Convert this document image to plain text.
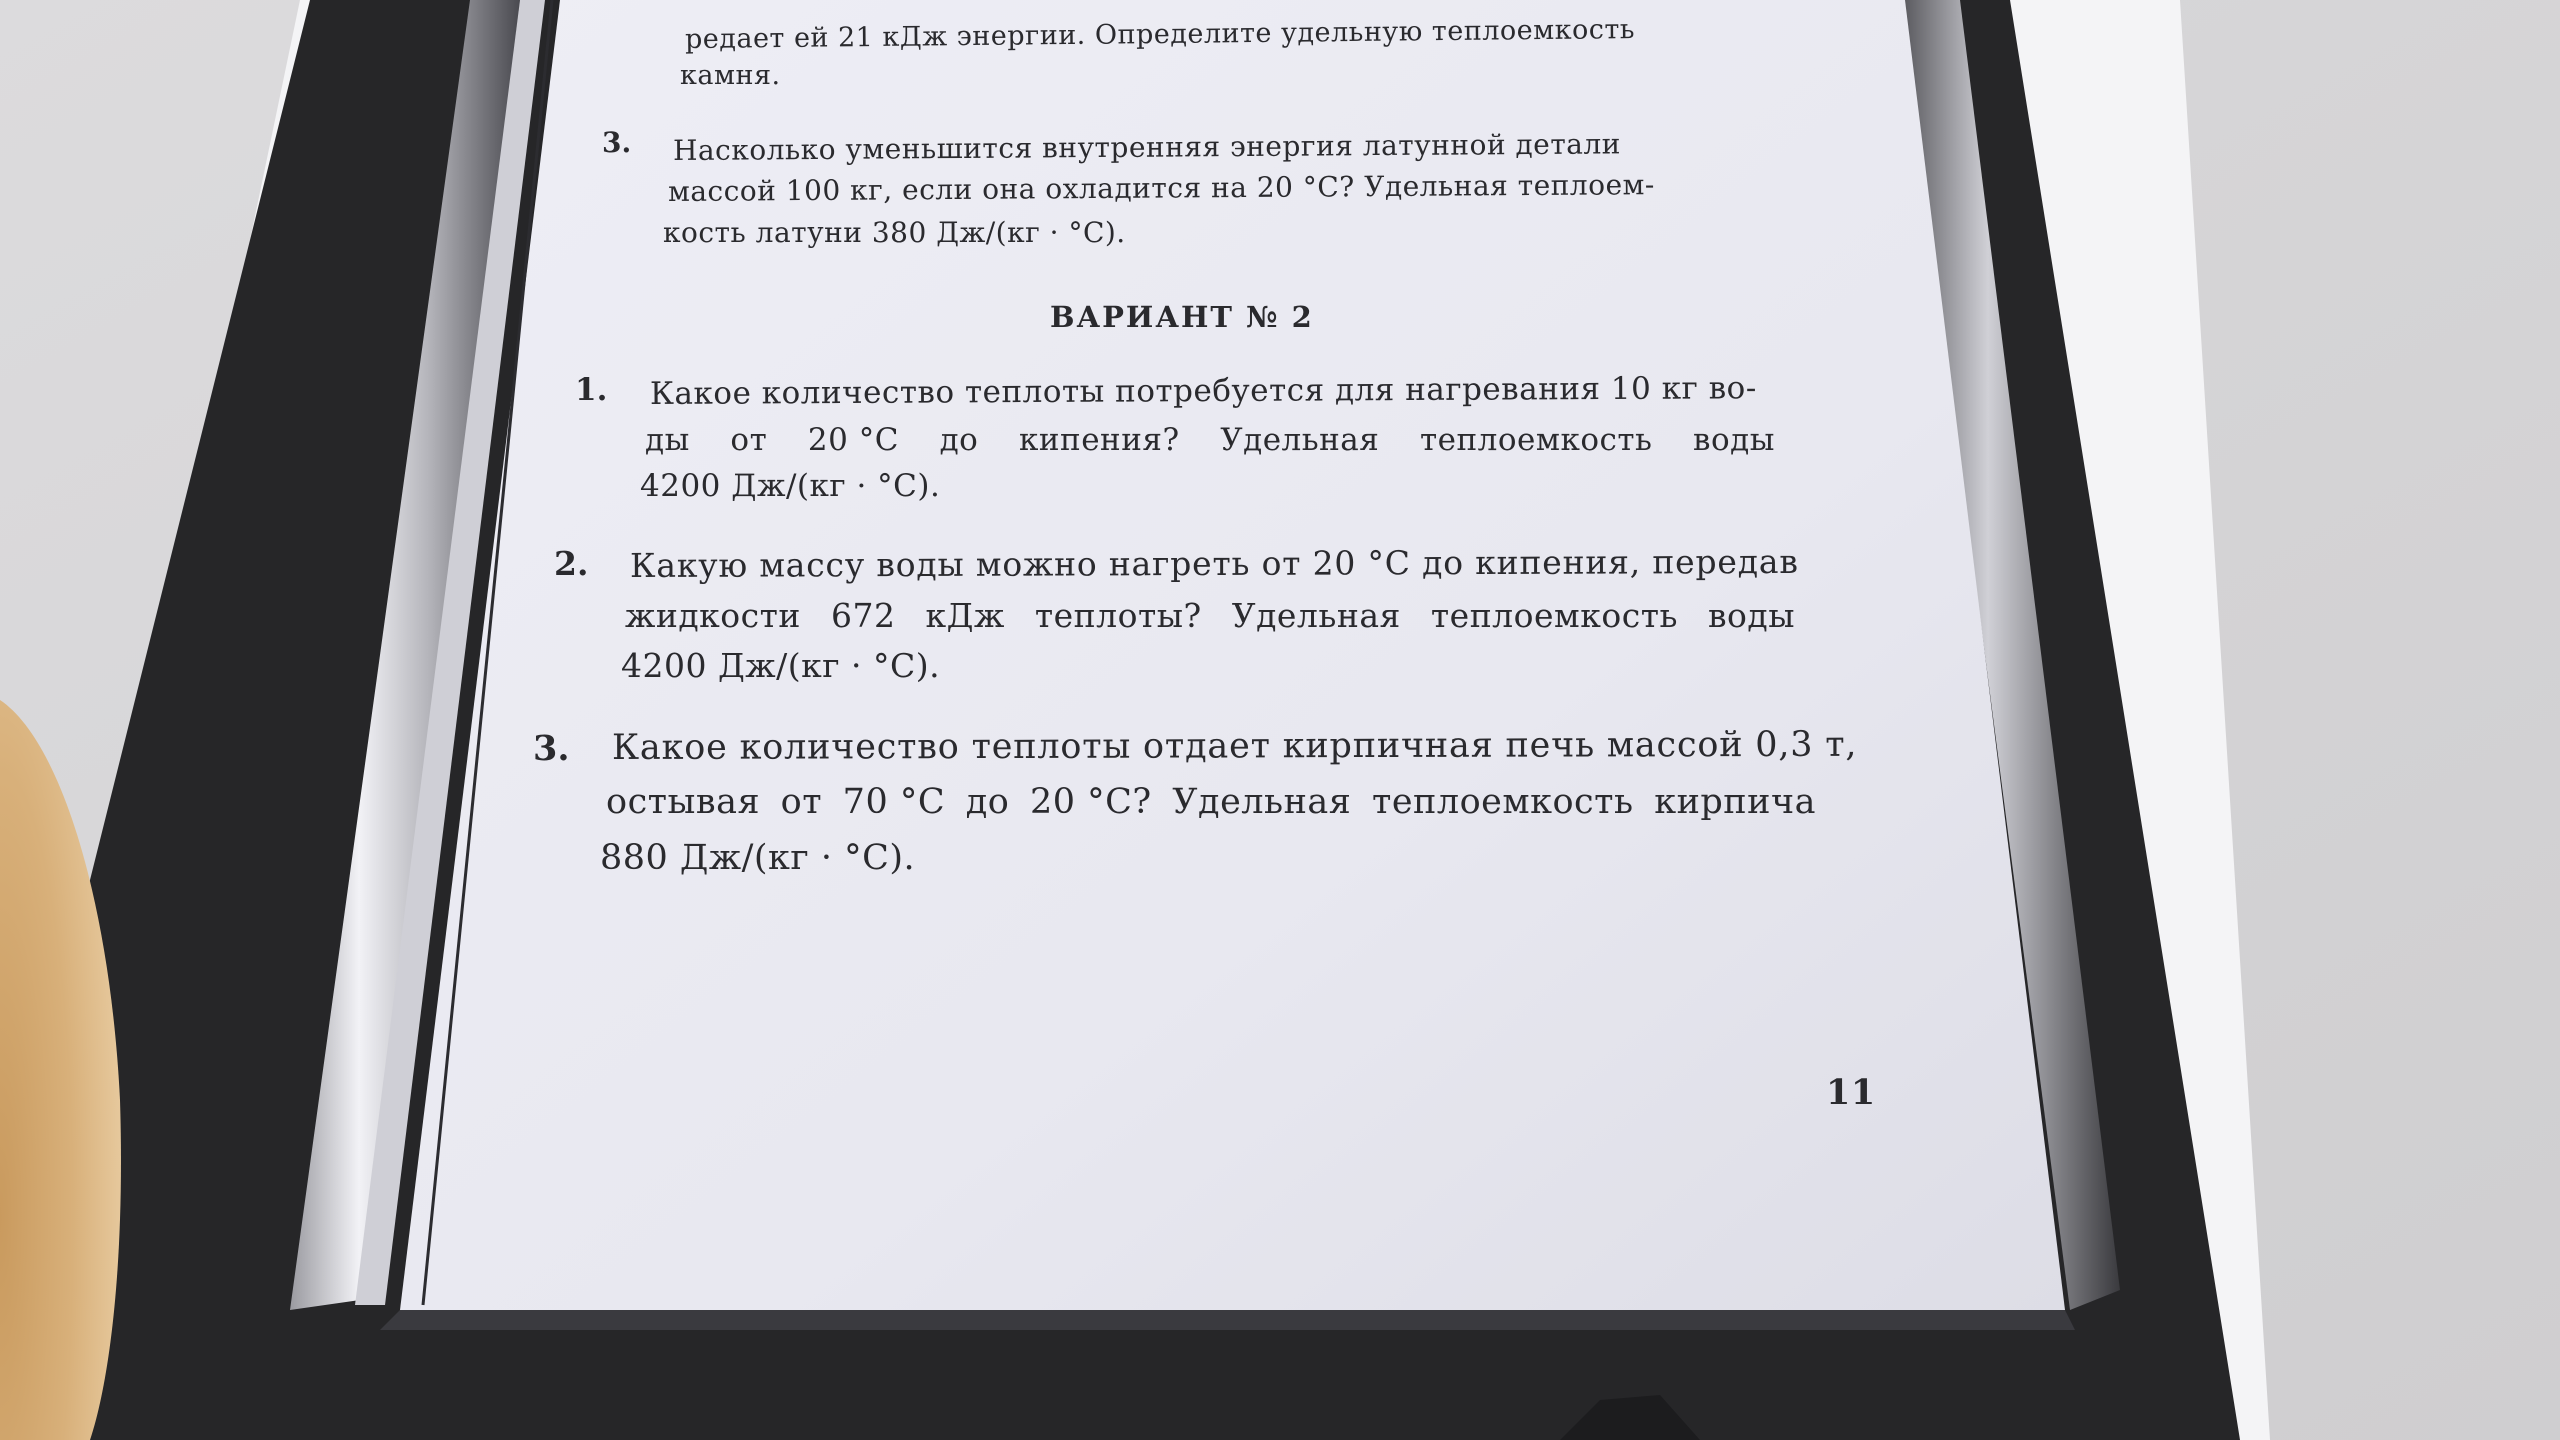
редает ей 21 кДж энергии. Определите удельную теплоемкость
камня.
3. Насколько уменьшится внутренняя энергия латунной детали
массой 100 кг, если она охладится на 20 °С? Удельная теплоем-
кость латуни 380 Дж/(кг · °С).
ВАРИАНТ № 2
1. Какое количество теплоты потребуется для нагревания 10 кг во-
ды от 20 °С до кипения? Удельная теплоемкость воды
4200 Дж/(кг · °С).
2. Какую массу воды можно нагреть от 20 °С до кипения, передав
жидкости 672 кДж теплоты? Удельная теплоемкость воды
4200 Дж/(кг · °С).
3. Какое количество теплоты отдает кирпичная печь массой 0,3 т,
остывая от 70 °С до 20 °С? Удельная теплоемкость кирпича
880 Дж/(кг · °С).
11
